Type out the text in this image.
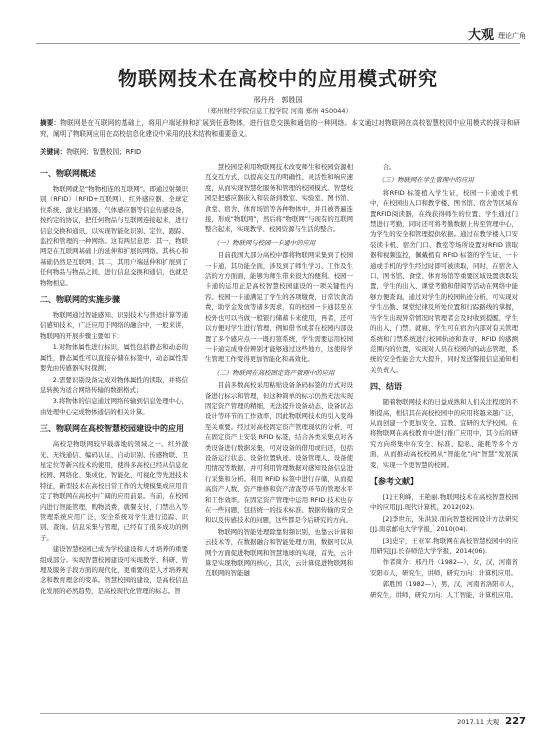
大观 理论广角
物联网技术在高校中的应用模式研究
邢丹丹　郭胜国
（郑州财经学院信息工程学院 河南 郑州 450044）
摘要：物联网是在互联网的基础上，将用户端延伸和扩展到任意物体，进行信息交换和通信的一种网络。本文通过对物联网在高校智慧校园中应用模式的探寻和研究，阐明了物联网应用在高校信息化建设中采用的技术结构和重要意义。
关键词：物联网；智慧校园；RFID
一、物联网概述

物联网就是“物物相连的互联网”。即通过射频识别（RFID）（RFID+互联网）、红外感应器、全球定位系统、激光扫描器、气体感应器等信息传感设备，按约定的协议，把任何物品与互联网连接起来，进行信息交换和通讯，以实现智能化识别、定位、跟踪、监控和管理的一种网络。这有两层意思：其一，物联网是在互联网基础上的延伸和扩展的网络。其核心和基础仍然是互联网；其二，其用户端延伸和扩展到了任何物品与物品之间，进行信息交换和通信，也就是物物相息。

二、物联网的实施步骤

物联网通过智能感知、识别技术与普适计算等通信感知技术，广泛应用于网络的融合中，一般来讲，物联网的开展步骤主要如下：

1.对物体属性进行标识，属性包括静态和动态的属性，静态属性可以直接存储在标签中，动态属性需要先由传感器实时探测；

2.需要识别设备完成对物体属性的读取，并将信息转换为适合网络传输的数据格式；

3.将物体的信息通过网络传输到信息处理中心，由处理中心完成物体通信的相关计算。

三、物联网在高校智慧校园建设中的应用

高校是物联网较早载落地的领域之一。红外激光、无线通信、编码认证、自动识别、传感物联、卫星定位等新兴技术的使用，使得多高校已经从信息化校园、网络化、集成化、智能化、可视化等先进技术特征，新型技术在高校日常工作的大规模集成应用肯定了物联网在高校中广阔的应用前景。当前，在校园内进行智能管理，购物消费，就餐支付，门禁出入等管理系统应用广泛，安全系统对学生进行追踪、识别、查询。信息采集与管理，已经有了很多成功的例子。

建设智慧校园已成为学校建设和人才培养的重要组成部分。实现智慧校园建设可实现教学、科研、管理及服务手段方面的现代化，更重要的是人才培养观念和教育理念的变革。智慧校园的建设，是高校信息化发展的必然趋势，是高校现代化管理的标志。智

慧校园是利用物联网技术改变师生和校园资源相互交互方式，以提高交互的明确性、灵活性和响应速度，从而实现智慧化服务和管理的校园模式。智慧校园是把感应器嵌入和装备到教室、实验室、图书馆、食堂、宿舍、体育场馆等各种物体中，并且被普遍连接，形成“物联网”，然后将“物联网”与现有的互联网整合起来，实现教学、校园资源与生活的整合。

（一）物联网与校园一卡通中的应用

目前我国大部分高校中都将物联网采集到了校园一卡通，其功能全面，涉及到了师生学习、工作及生活的方方面面，能够为师生带来很大的便利。校园一卡通的运用正是高校智慧校园建设的一项关键性内容。校园一卡通满足了学生的各项缴费，日常饮食消费，助学金发放等诸多需求，有的校园一卡通甚至在校外也可以当做一般银行储蓄卡来使用，再者，还可以方便对学生进行管理，例如借书或者在校园内部设置了多个感应点一一既打签系统，学生需要运用校园一卡通完成身份辨别才能够通过这些地方，这使得学生管理工作变得更加智能化和高效化。

（二）物联网在高校固定资产管理中的应用

目前多数高校采用粘贴设备条码标签的方式对设备进行标示和管理，但这种简单的标示仍然无法实现固定资产管理的精细，无法提升设备动态、设备状态设计等环节的工作效率，因此物联网技术的引入变得至关重要。经过对高校固定资产管理现状的分析，可在固定资产上安装 RFID 标签，结合各类采集点对各类设备进行数据采集，可对设备的借用或归还，包括设备运行状态、设备位置轨迹、设备管理人、设备使用情况等数据，并可利用管理数据对感知设备信息进行采集和分析。利用 RFID 标签中进行存储，从而提高资产人数、资产维修和资产清查等环节的管理水平和工作效率。在固定资产管理中运用 RFID 技术也存在一些问题，包括统一的技术标准、数据传输的安全和以及传感技术的问题，这些都是今后研究的方向。

物联网的智能处理除靠射频识别，也靠云计算和云技术等，在数据融合和智能处理方面，数据可以从网个方面促进物联网和智慧地球的实现，首先，云计算是实现物联网的核心，其次，云计算促进物联网和互联网的智能融

合。

（三）物联网在学生管理中的应用

将RFID 标签植入学生证，校园一卡通或手机中，在校园出入口和教学楼、图书馆、宿舍等区域布置RFID阅读器，在线获得师生的位置、学生通过门禁进行考勤，同时还可将考勤数据上传至管理中心，为学生的安全和管理提供依据。通过在教学楼入口安装读卡机、宿舍门口、教室等场所设置对RFID 读取器和视频监控，佩戴植有 RFID 标签的学生证、一卡通或手机的学生经过时即可被读取，同时，在宿舍入口、图书馆、食堂、体育场馆等重要区域设置读取装置，学生的出入、课堂考勤和借阅等活动在网络中能够方便查询。通过对学生的校园轨迹分析，可实现对学生出勤、课堂纪律及所处位置和行踪路线的掌握，当学生出现异常情况时管理者会及时收到提醒，学生的出入、门禁、就寝、学生可在宿舍内部对有关管理系统和门禁系统进行校园轨迹和查寻，RFID 的感测范围内的位置，实现对人员在校园内的动态管理，系统的安全性能会大大提升，同时发送警报信息通知相关负责人。

四、结语

随着物联网技术的日益成熟和人们关注程度的不断提高，相信其在高校校园中的应用将越来越广泛，从而创建一个更加安全、宜教、宜研的大学校园。在将物联网在高校教育中进行推广应用中，其今后的研究方向将集中在安全、标准、隐私、能耗等多个方面，从而推动高校校园从“智能化”向“智慧”发展演变，实现一个更智慧的校园。

【参考文献】

[1]王利峰，王艳丽.物联网技术在高校智慧校园中的应用[J].现代计算机，2012(02).

[2]李世东，朱洪波.面向智慧校园设计方法研究[J].南京邮电大学学报，2010(04).

[3]史宇，王亚军.物联网在高校智慧校园中的应用研究[J].长春师范大学学报，2014(06).

作者简介：邢丹丹（1982—），女，汉，河南省安阳市人，研究生，讲师，研究方向：计算机应用。

郭胜国（1982—），男，汉，河南省洛阳市人，研究生，讲师，研究方向：人工智能，计算机应用。

2017.11 大观 227
